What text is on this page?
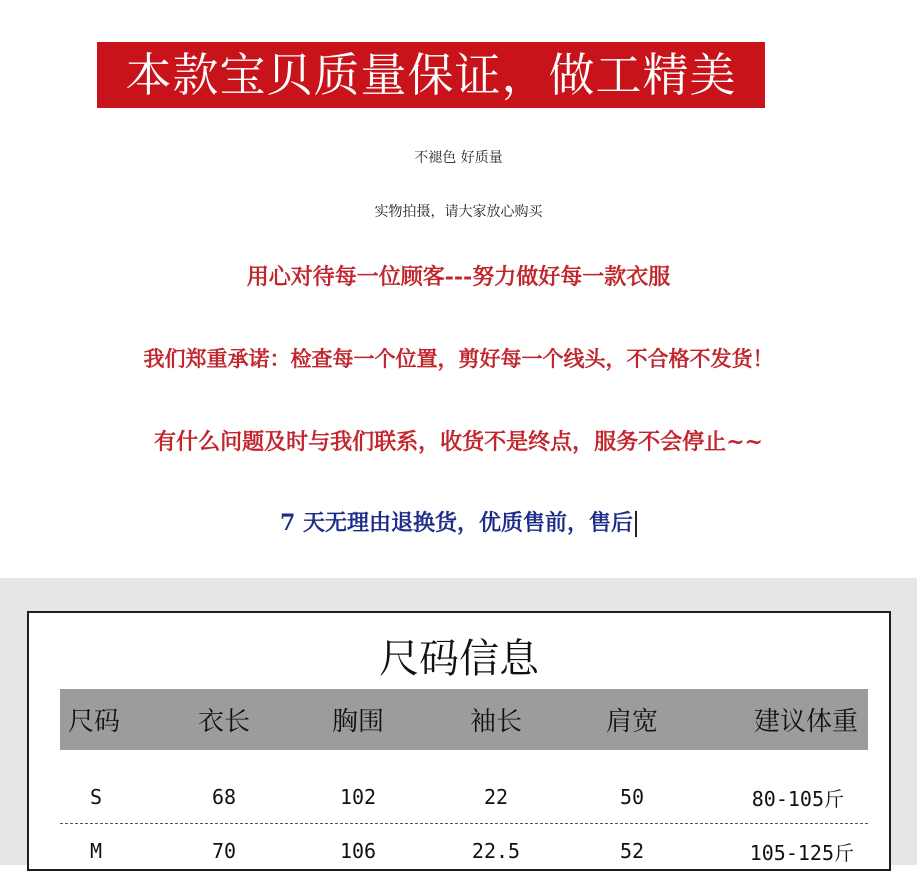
本款宝贝质量保证，做工精美
不褪色 好质量
实物拍摄，请大家放心购买
用心对待每一位顾客---努力做好每一款衣服
我们郑重承诺：检查每一个位置，剪好每一个线头，不合格不发货！
有什么问题及时与我们联系，收货不是终点，服务不会停止~~
7 天无理由退换货，优质售前，售后
尺码信息
尺码	衣长	胸围	袖长	肩宽	建议体重
S	68	102	22	50	80-105斤
M	70	106	22.5	52	105-125斤
